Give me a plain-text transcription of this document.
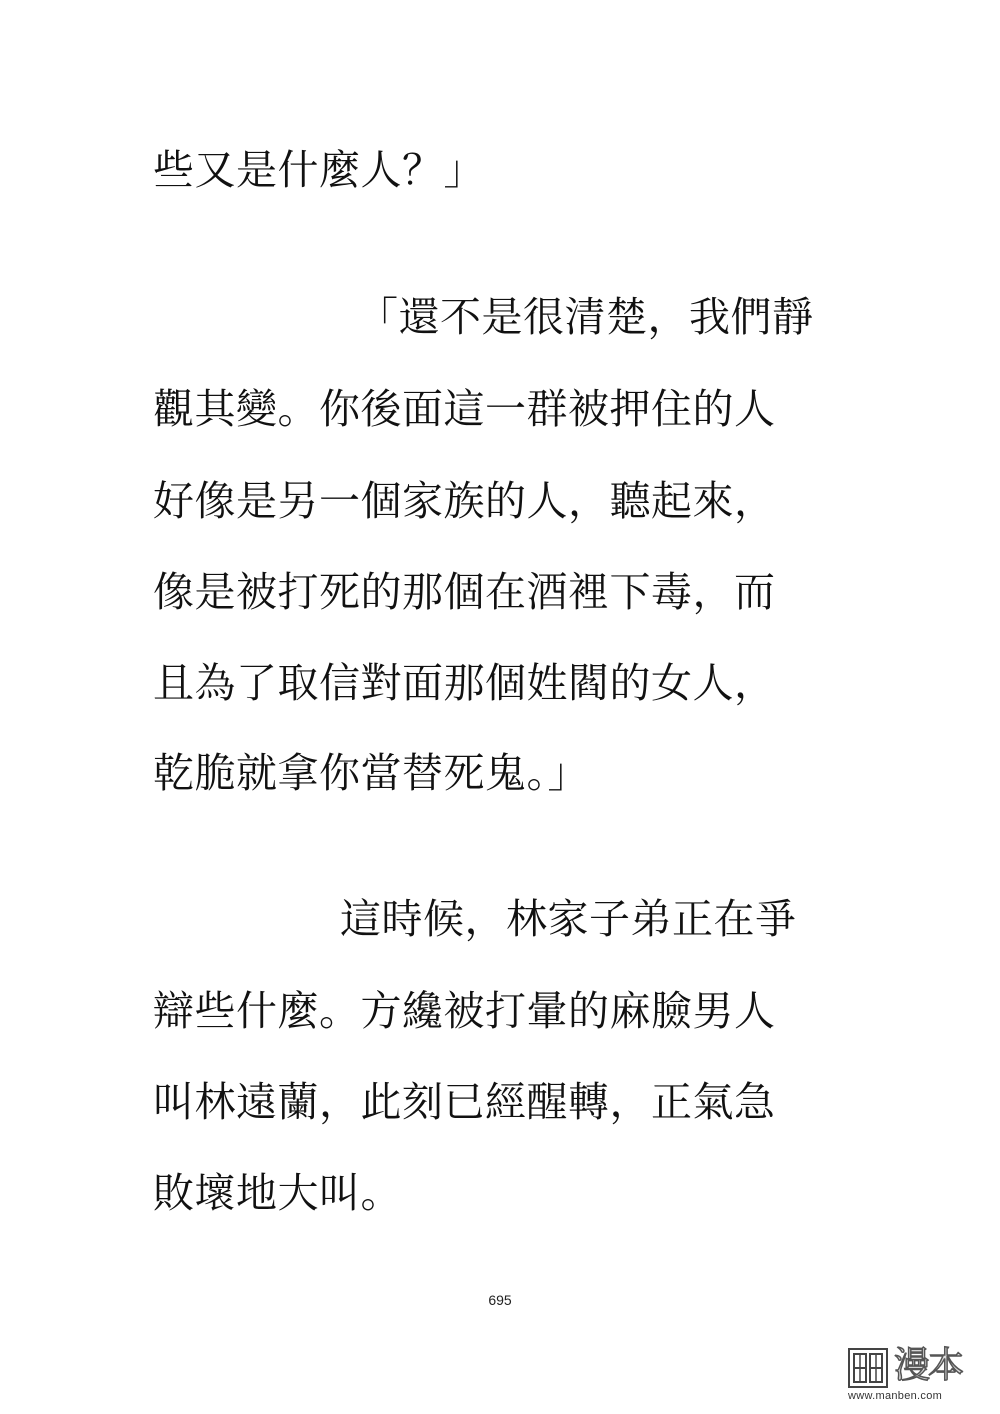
些又是什麼人？」
「還不是很清楚，我們靜
觀其變。你後面這一群被押住的人
好像是另一個家族的人，聽起來，
像是被打死的那個在酒裡下毒，而
且為了取信對面那個姓閻的女人，
乾脆就拿你當替死鬼。」
這時候，林家子弟正在爭
辯些什麼。方纔被打暈的麻臉男人
叫林遠蘭，此刻已經醒轉，正氣急
敗壞地大叫。
695
漫本
www.manben.com
